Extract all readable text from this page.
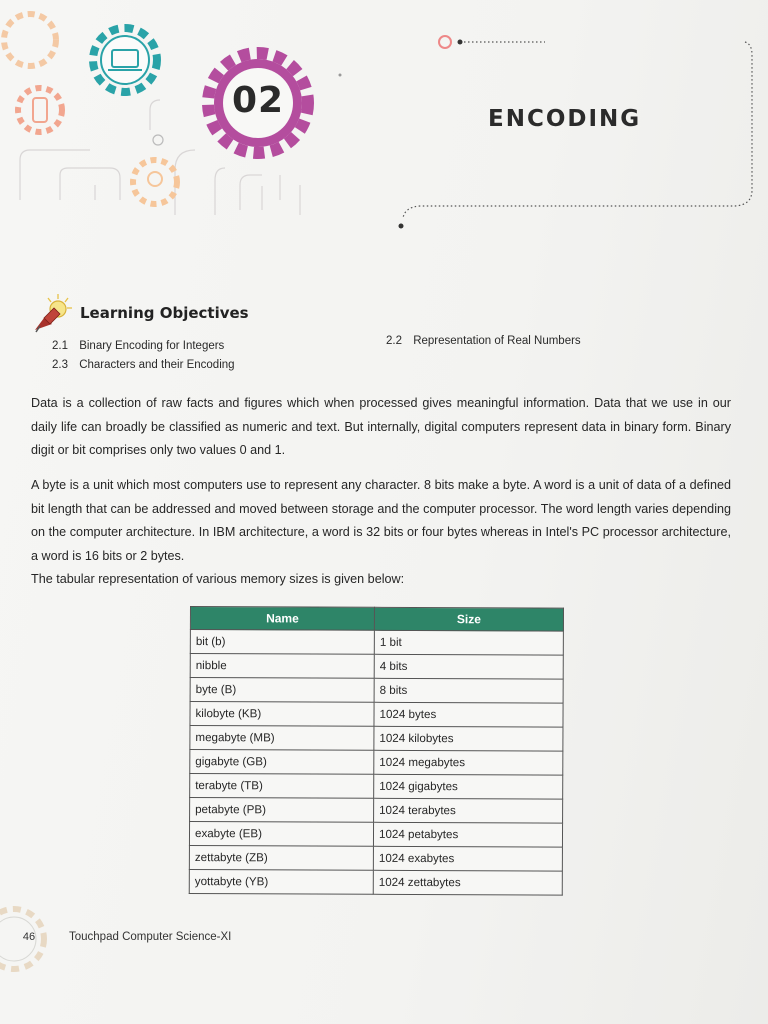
02	ENCODING
Learning Objectives
2.1 Binary Encoding for Integers	2.2 Representation of Real Numbers
2.3 Characters and their Encoding

Data is a collection of raw facts and figures which when processed gives meaningful information. Data that we use in our daily life can broadly be classified as numeric and text. But internally, digital computers represent data in binary form. Binary digit or bit comprises only two values 0 and 1.

A byte is a unit which most computers use to represent any character. 8 bits make a byte. A word is a unit of data of a defined bit length that can be addressed and moved between storage and the computer processor. The word length varies depending on the computer architecture. In IBM architecture, a word is 32 bits or four bytes whereas in Intel's PC processor architecture, a word is 16 bits or 2 bytes.

The tabular representation of various memory sizes is given below:

Name	Size
bit (b)	1 bit
nibble	4 bits
byte (B)	8 bits
kilobyte (KB)	1024 bytes
megabyte (MB)	1024 kilobytes
gigabyte (GB)	1024 megabytes
terabyte (TB)	1024 gigabytes
petabyte (PB)	1024 terabytes
exabyte (EB)	1024 petabytes
zettabyte (ZB)	1024 exabytes
yottabyte (YB)	1024 zettabytes
46	Touchpad Computer Science-XI
